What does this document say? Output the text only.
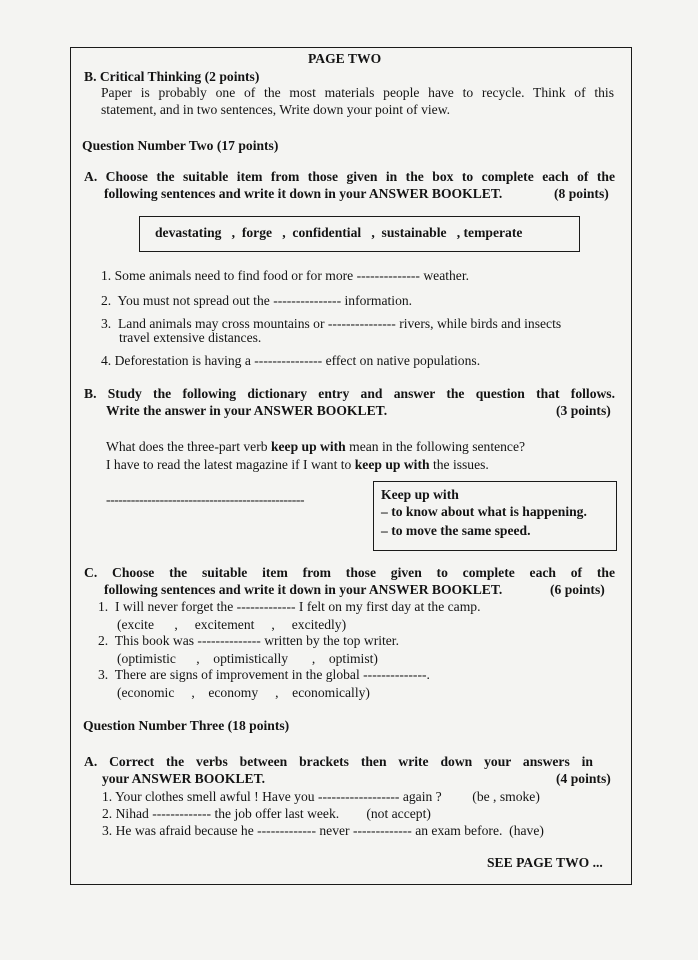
PAGE TWO
B. Critical Thinking (2 points)
Paper is probably one of the most materials people have to recycle. Think of this
statement, and in two sentences, Write down your point of view.
Question Number Two (17 points)
A. Choose the suitable item from those given in the box to complete each of the
following sentences and write it down in your ANSWER BOOKLET.	(8 points)
devastating   ,  forge   ,  confidential   ,  sustainable   , temperate
1. Some animals need to find food or for more -------------- weather.
2.  You must not spread out the --------------- information.
3.  Land animals may cross mountains or --------------- rivers, while birds and insects
travel extensive distances.
4. Deforestation is having a --------------- effect on native populations.
B. Study the following dictionary entry and answer the question that follows.
Write the answer in your ANSWER BOOKLET.	(3 points)
What does the three-part verb keep up with mean in the following sentence?
I have to read the latest magazine if I want to keep up with the issues.
------------------------------------------------	Keep up with
– to know about what is happening.
– to move the same speed.
C. Choose the suitable item from those given to complete each of the
following sentences and write it down in your ANSWER BOOKLET.	(6 points)
1.  I will never forget the ------------- I felt on my first day at the camp.
(excite      ,     excitement     ,     excitedly)
2.  This book was -------------- written by the top writer.
(optimistic      ,    optimistically       ,    optimist)
3.  There are signs of improvement in the global --------------.
(economic     ,    economy     ,    economically)
Question Number Three (18 points)
A. Correct the verbs between brackets then write down your answers in
your ANSWER BOOKLET.	(4 points)
1. Your clothes smell awful ! Have you ------------------ again ?         (be , smoke)
2. Nihad ------------- the job offer last week.        (not accept)
3. He was afraid because he ------------- never ------------- an exam before.  (have)
SEE PAGE TWO ...
